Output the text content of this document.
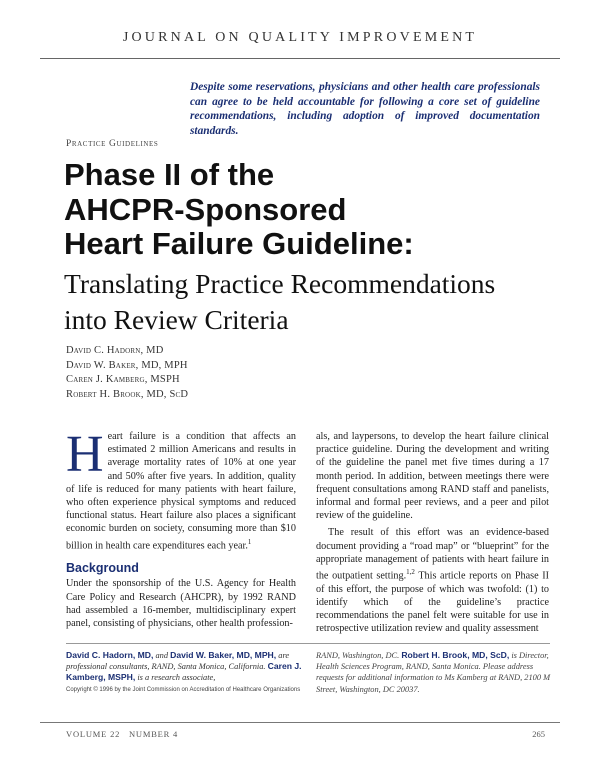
JOURNAL ON QUALITY IMPROVEMENT
Despite some reservations, physicians and other health care professionals can agree to be held accountable for following a core set of guideline recommendations, including adoption of improved documentation standards.
Practice Guidelines
Phase II of the
AHCPR-Sponsored
Heart Failure Guideline:
Translating Practice Recommendations
into Review Criteria
David C. Hadorn, MD
David W. Baker, MD, MPH
Caren J. Kamberg, MSPH
Robert H. Brook, MD, ScD

Heart failure is a condition that affects an estimated 2 million Americans and results in average mortality rates of 10% at one year and 50% after five years. In addition, quality of life is reduced for many patients with heart failure, who often experience physical symptoms and reduced functional status. Heart failure also places a significant economic burden on society, consuming more than $10 billion in health care expenditures each year.$^1$

Background

Under the sponsorship of the U.S. Agency for Health Care Policy and Research (AHCPR), by 1992 RAND had assembled a 16-member, multidisciplinary expert panel, consisting of physicians, other health profession-

als, and laypersons, to develop the heart failure clinical practice guideline. During the development and writing of the guideline the panel met five times during a 17 month period. In addition, between meetings there were frequent consultations among RAND staff and panelists, informal and formal peer reviews, and a peer and pilot review of the guideline.

The result of this effort was an evidence-based document providing a “road map” or “blueprint” for the appropriate management of patients with heart failure in the outpatient setting.$^{1,2}$ This article reports on Phase II of this effort, the purpose of which was twofold: (1) to identify which of the guideline’s practice recommendations the panel felt were suitable for use in retrospective utilization review and quality assessment

David C. Hadorn, MD, and David W. Baker, MD, MPH, are professional consultants, RAND, Santa Monica, California. Caren J. Kamberg, MSPH, is a research associate,
Copyright © 1996 by the Joint Commission on Accreditation of Healthcare Organizations
RAND, Washington, DC. Robert H. Brook, MD, ScD, is Director, Health Sciences Program, RAND, Santa Monica. Please address requests for additional information to Ms Kamberg at RAND, 2100 M Street, Washington, DC 20037.
VOLUME 22   NUMBER 4	265
